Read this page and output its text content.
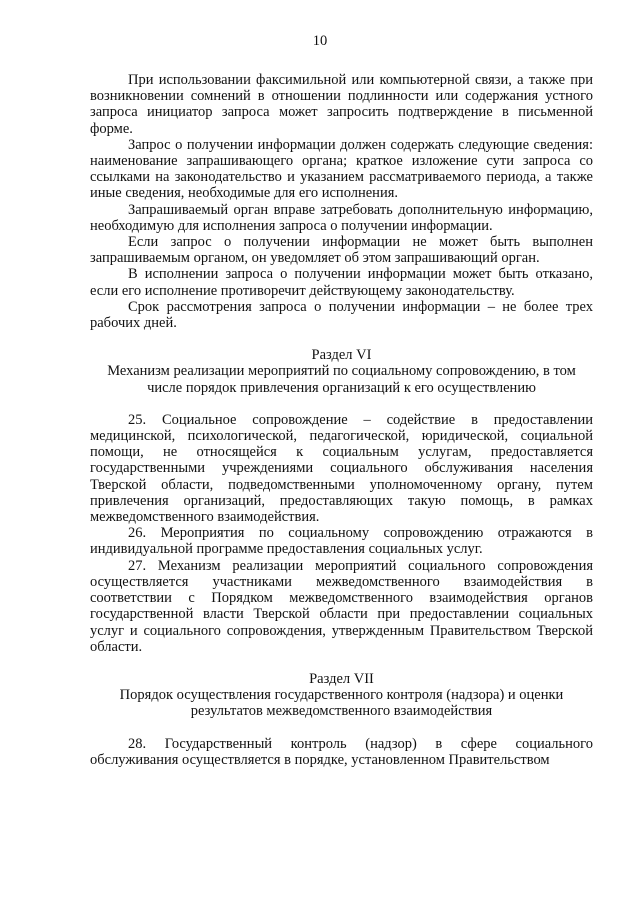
10

При использовании факсимильной или компьютерной связи, а также при возникновении сомнений в отношении подлинности или содержания устного запроса инициатор запроса может запросить подтверждение в письменной форме.

Запрос о получении информации должен содержать следующие сведения: наименование запрашивающего органа; краткое изложение сути запроса со ссылками на законодательство и указанием рассматриваемого периода, а также иные сведения, необходимые для его исполнения.

Запрашиваемый орган вправе затребовать дополнительную информацию, необходимую для исполнения запроса о получении информации.

Если запрос о получении информации не может быть выполнен запрашиваемым органом, он уведомляет об этом запрашивающий орган.

В исполнении запроса о получении информации может быть отказано, если его исполнение противоречит действующему законодательству.

Срок рассмотрения запроса о получении информации – не более трех рабочих дней.

Раздел VI

Механизм реализации мероприятий по социальному сопровождению, в том числе порядок привлечения организаций к его осуществлению

25. Социальное сопровождение – содействие в предоставлении медицинской, психологической, педагогической, юридической, социальной помощи, не относящейся к социальным услугам, предоставляется государственными учреждениями социального обслуживания населения Тверской области, подведомственными уполномоченному органу, путем привлечения организаций, предоставляющих такую помощь, в рамках межведомственного взаимодействия.

26. Мероприятия по социальному сопровождению отражаются в индивидуальной программе предоставления социальных услуг.

27. Механизм реализации мероприятий социального сопровождения осуществляется участниками межведомственного взаимодействия в соответствии с Порядком межведомственного взаимодействия органов государственной власти Тверской области при предоставлении социальных услуг и социального сопровождения, утвержденным Правительством Тверской области.

Раздел VII

Порядок осуществления государственного контроля (надзора) и оценки результатов межведомственного взаимодействия

28. Государственный контроль (надзор) в сфере социального обслуживания осуществляется в порядке, установленном Правительством
